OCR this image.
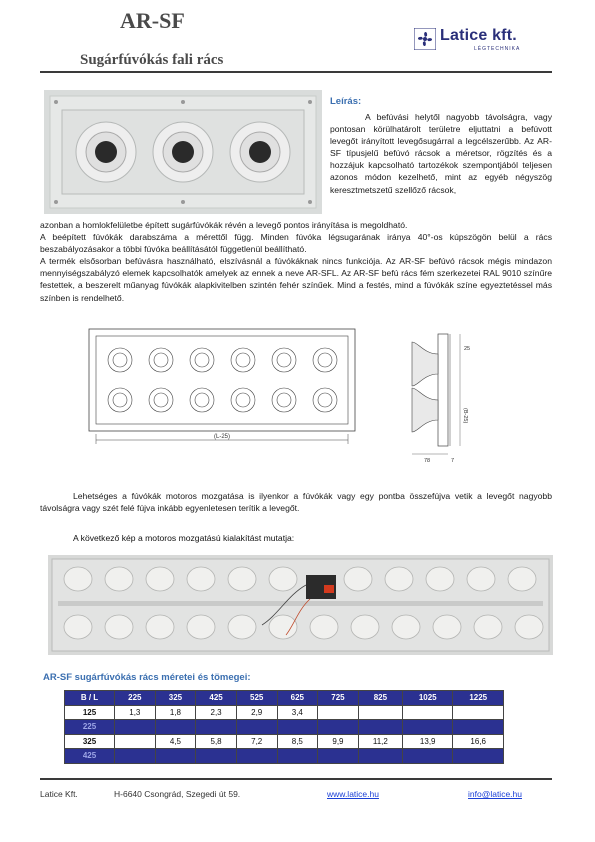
AR-SF
Sugárfúvókás fali rács
Latice kft.
LÉGTECHNIKA
Leírás:
A befúvási helytől nagyobb távolságra, vagy pontosan körülhatárolt területre eljuttatni a befúvott levegőt irányított levegősugárral a legcélszerűbb. Az AR-SF típusjelű befúvó rácsok a méretsor, rögzítés és a hozzájuk kapcsolható tartozékok szempontjából teljesen azonos módon kezelhető, mint az egyéb négyszög keresztmetszetű szellőző rácsok,

azonban a homlokfelületbe épített sugárfúvókák révén a levegő pontos irányítása is megoldható.

A beépített fúvókák darabszáma a mérettől függ. Minden fúvóka légsugarának iránya 40°-os kúpszögön belül a rács beszabályozásakor a többi fúvóka beállításától függetlenül beállítható.

A termék elsősorban befúvásra használható, elszívásnál a fúvókáknak nincs funkciója. Az AR-SF befúvó rácsok mégis mindazon mennyiségszabályzó elemek kapcsolhatók amelyek az ennek a neve AR-SFL. Az AR-SF befú rács fém szerkezetei RAL 9010 színűre festettek, a beszerelt műanyag fúvókák alapkivitelben szintén fehér színűek. Mind a festés, mind a fúvókák színe egyeztetéssel más színben is rendelhető.

(L-25)
25
(B-25)
78	7
Lehetséges a fúvókák motoros mozgatása is ilyenkor a fúvókák vagy egy pontba összefújva vetik a levegőt nagyobb távolságra vagy szét felé fújva inkább egyenletesen terítik a levegőt.
A következő kép a motoros mozgatású kialakítást mutatja:
AR-SF sugárfúvókás rács méretei és tömegei:
B / L	225	325	425	525	625	725	825	1025	1225
125	1,3	1,8	2,3	2,9	3,4				
225									
325		4,5	5,8	7,2	8,5	9,9	11,2	13,9	16,6
425									
Latice Kft.	H-6640 Csongrád, Szegedi út 59.	www.latice.hu	info@latice.hu
